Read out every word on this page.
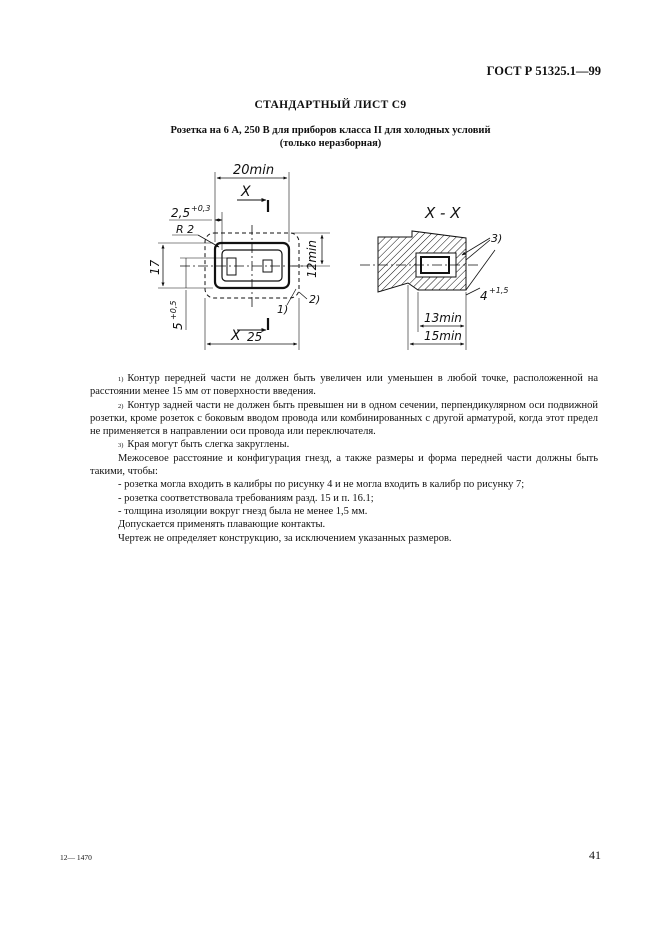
ГОСТ Р 51325.1—99
СТАНДАРТНЫЙ ЛИСТ С9
Розетка на 6 А, 250 В для приборов класса II для холодных условий
(только неразборная)
20min
2,5 +0,3
R 2
12min
17
5
+0,5
25
X
X
1)
2)
X - X
3)
4 +1,5
13min
15min

$^{1)}$ Контур передней части не должен быть увеличен или уменьшен в любой точке, расположенной на расстоянии менее 15 мм от поверхности введения.

$^{2)}$ Контур задней части не должен быть превышен ни в одном сечении, перпендикулярном оси подвижной розетки, кроме розеток с боковым вводом провода или комбинированных с другой арматурой, когда этот предел не применяется в направлении оси провода или переключателя.

$^{3)}$ Края могут быть слегка закруглены.

Межосевое расстояние и конфигурация гнезд, а также размеры и форма передней части должны быть такими, чтобы:

- розетка могла входить в калибры по рисунку 4 и не могла входить в калибр по рисунку 7;

- розетка соответствовала требованиям разд. 15 и п. 16.1;

- толщина изоляции вокруг гнезд была не менее 1,5 мм.

Допускается применять плавающие контакты.

Чертеж не определяет конструкцию, за исключением указанных размеров.

12— 1470	41
